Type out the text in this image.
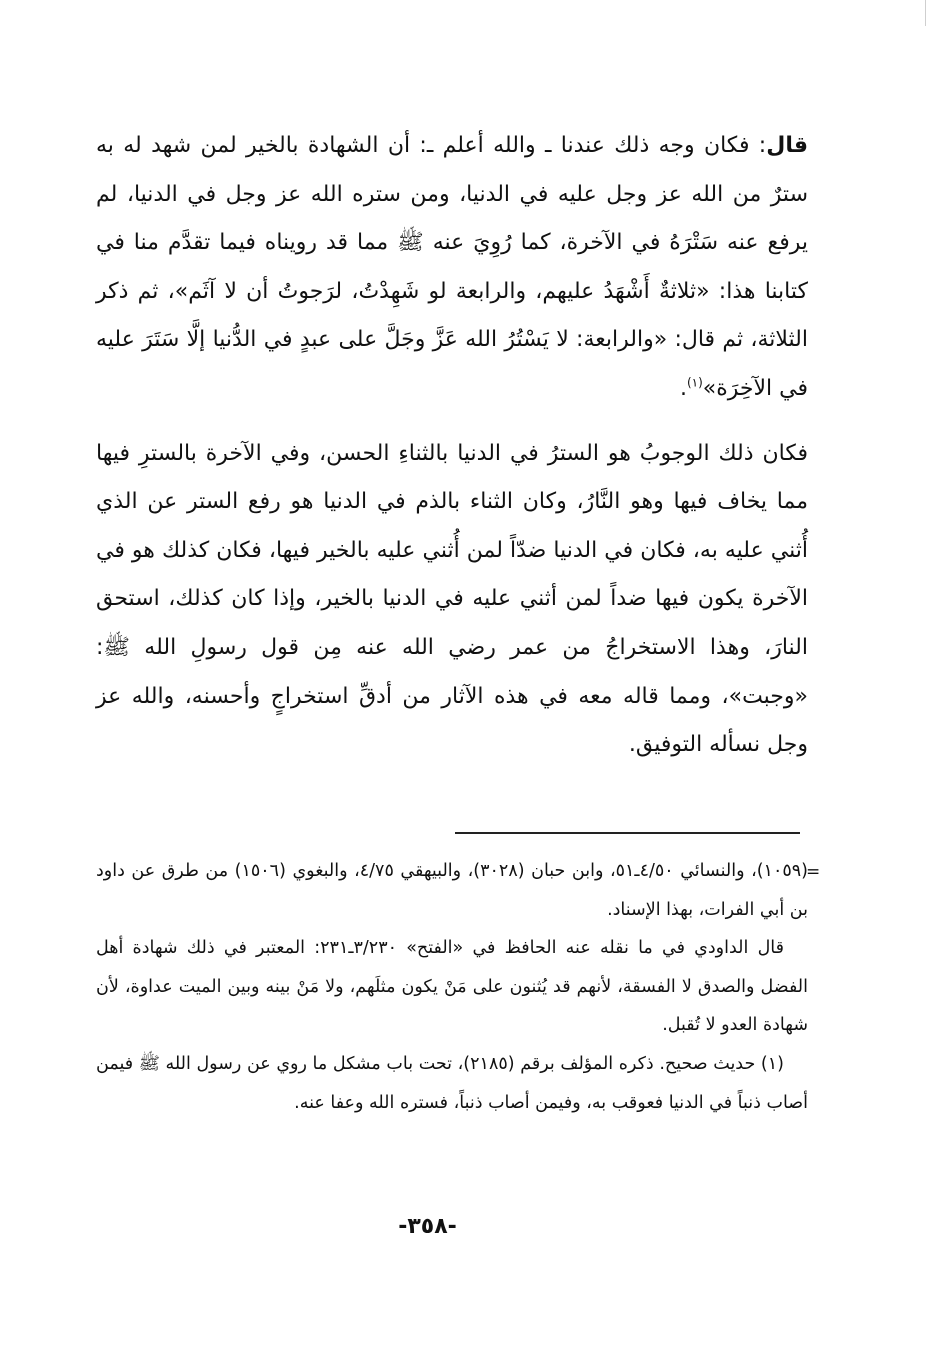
قال: فكان وجه ذلك عندنا ـ والله أعلم ـ: أن الشهادة بالخير لمن شهد له به سترٌ من الله عز وجل عليه في الدنيا، ومن ستره الله عز وجل في الدنيا، لم يرفع عنه سَتْرَهُ في الآخرة، كما رُوِيَ عنه ﷺ مما قد رويناه فيما تقدَّم منا في كتابنا هذا: «ثلاثةٌ أَشْهَدُ عليهم، والرابعة لو شَهِدْتُ، لرَجوتُ أن لا آثَم»، ثم ذكر الثلاثة، ثم قال: «والرابعة: لا يَسْتُرُ الله عَزَّ وجَلَّ على عبدٍ في الدُّنيا إلَّا سَتَرَ عليه في الآخِرَة»$^{(١)}$.

فكان ذلك الوجوبُ هو السترُ في الدنيا بالثناءِ الحسن، وفي الآخرة بالسترِ فيها مما يخاف فيها وهو النَّارُ، وكان الثناء بالذم في الدنيا هو رفع الستر عن الذي أُثني عليه به، فكان في الدنيا ضدّاً لمن أُثني عليه بالخير فيها، فكان كذلك هو في الآخرة يكون فيها ضداً لمن أثني عليه في الدنيا بالخير، وإذا كان كذلك، استحق النارَ، وهذا الاستخراجُ من عمر رضي الله عنه مِن قول رسولِ الله ﷺ: «وجبت»، ومما قاله معه في هذه الآثار من أدقِّ استخراجٍ وأحسنه، والله عز وجل نسأله التوفيق.

=

(١٠٥٩)، والنسائي ٤/٥٠ـ٥١، وابن حبان (٣٠٢٨)، والبيهقي ٤/٧٥، والبغوي (١٥٠٦) من طرق عن داود بن أبي الفرات، بهذا الإسناد.

قال الداودي في ما نقله عنه الحافظ في «الفتح» ٣/٢٣٠ـ٢٣١: المعتبر في ذلك شهادة أهل الفضل والصدق لا الفسقة، لأنهم قد يُثنون على مَنْ يكون مثلَهم، ولا مَنْ بينه وبين الميت عداوة، لأن شهادة العدو لا تُقبل.

(١) حديث صحيح. ذكره المؤلف برقم (٢١٨٥)، تحت باب مشكل ما روي عن رسول الله ﷺ فيمن أصاب ذنباً في الدنيا فعوقب به، وفيمن أصاب ذنباً، فستره الله وعفا عنه.

-٣٥٨-
